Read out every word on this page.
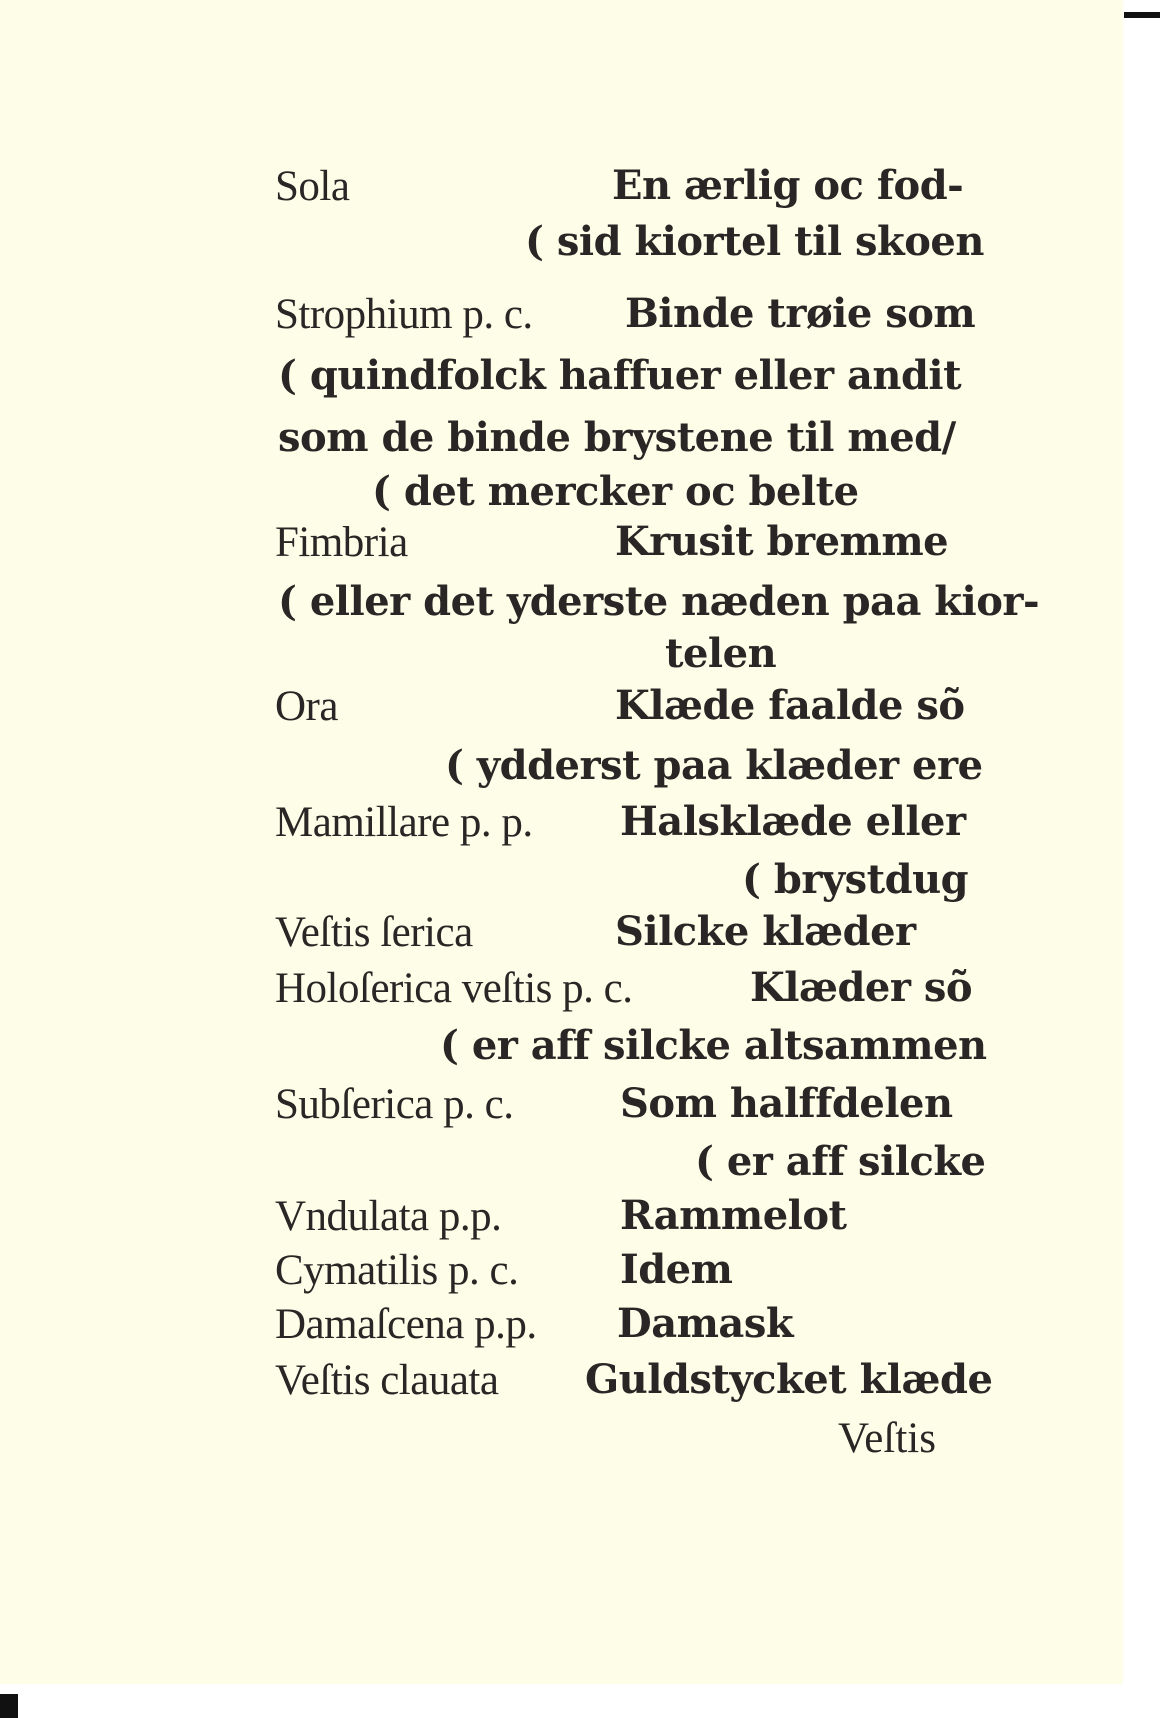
Sola	En ærlig oc fod-
( sid kiortel til skoen
Strophium p. c. Binde trøie som
( quindfolck haffuer eller andit
som de binde brystene til med/
( det mercker oc belte
Fimbria	Krusit bremme
( eller det yderste næden paa kior-
telen
Ora	Klæde faalde sõ
( ydderst paa klæder ere
Mamillare p. p. Halsklæde eller
( brystdug
Veſtis ſerica	Silcke klæder
Holoſerica veſtis p. c.	Klæder sõ
( er aff silcke altsammen
Subſerica p. c.	Som halffdelen
( er aff silcke
Vndulata p.p.	Rammelot
Cymatilis p. c.	Idem
Damaſcena p.p. Damask
Veſtis clauata Guldstycket klæde
Veſtis
